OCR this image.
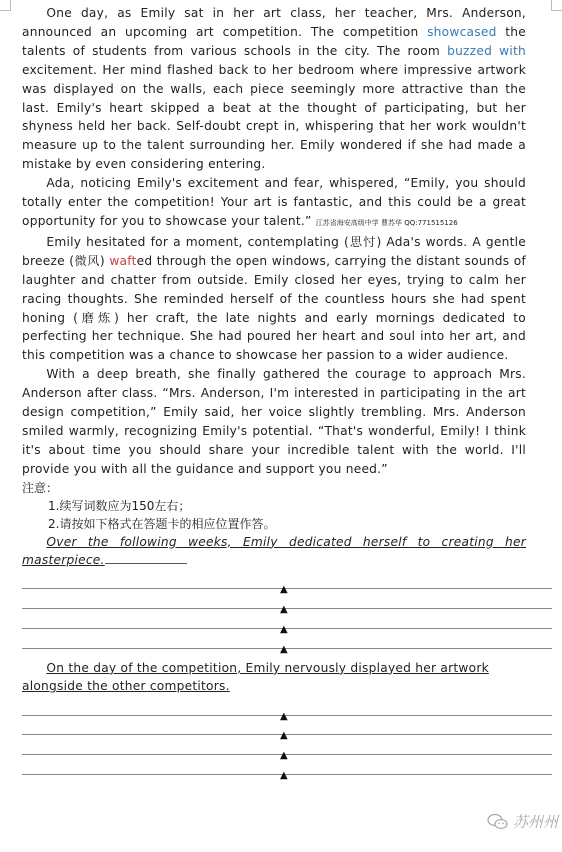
One day, as Emily sat in her art class, her teacher, Mrs. Anderson, announced an upcoming art competition. The competition showcased the talents of students from various schools in the city. The room buzzed with excitement. Her mind flashed back to her bedroom where impressive artwork was displayed on the walls, each piece seemingly more attractive than the last. Emily's heart skipped a beat at the thought of participating, but her shyness held her back. Self-doubt crept in, whispering that her work wouldn't measure up to the talent surrounding her. Emily wondered if she had made a mistake by even considering entering.

Ada, noticing Emily's excitement and fear, whispered, “Emily, you should totally enter the competition! Your art is fantastic, and this could be a great opportunity for you to showcase your talent.” 江苏省海安高级中学 曹苏华 QQ:771515126

Emily hesitated for a moment, contemplating (思忖) Ada's words. A gentle breeze (微风) wafted through the open windows, carrying the distant sounds of laughter and chatter from outside. Emily closed her eyes, trying to calm her racing thoughts. She reminded herself of the countless hours she had spent honing (磨炼) her craft, the late nights and early mornings dedicated to perfecting her technique. She had poured her heart and soul into her art, and this competition was a chance to showcase her passion to a wider audience.

With a deep breath, she finally gathered the courage to approach Mrs. Anderson after class. “Mrs. Anderson, I'm interested in participating in the art design competition,” Emily said, her voice slightly trembling. Mrs. Anderson smiled warmly, recognizing Emily's potential. “That's wonderful, Emily! I think it's about time you should share your incredible talent with the world. I'll provide you with all the guidance and support you need.”

注意：

1.续写词数应为150左右；

2.请按如下格式在答题卡的相应位置作答。

Over the following weeks, Emily dedicated herself to creating her masterpiece.

▲
▲
▲
▲

On the day of the competition, Emily nervously displayed her artwork alongside the other competitors.

▲
▲
▲
▲
苏州州
